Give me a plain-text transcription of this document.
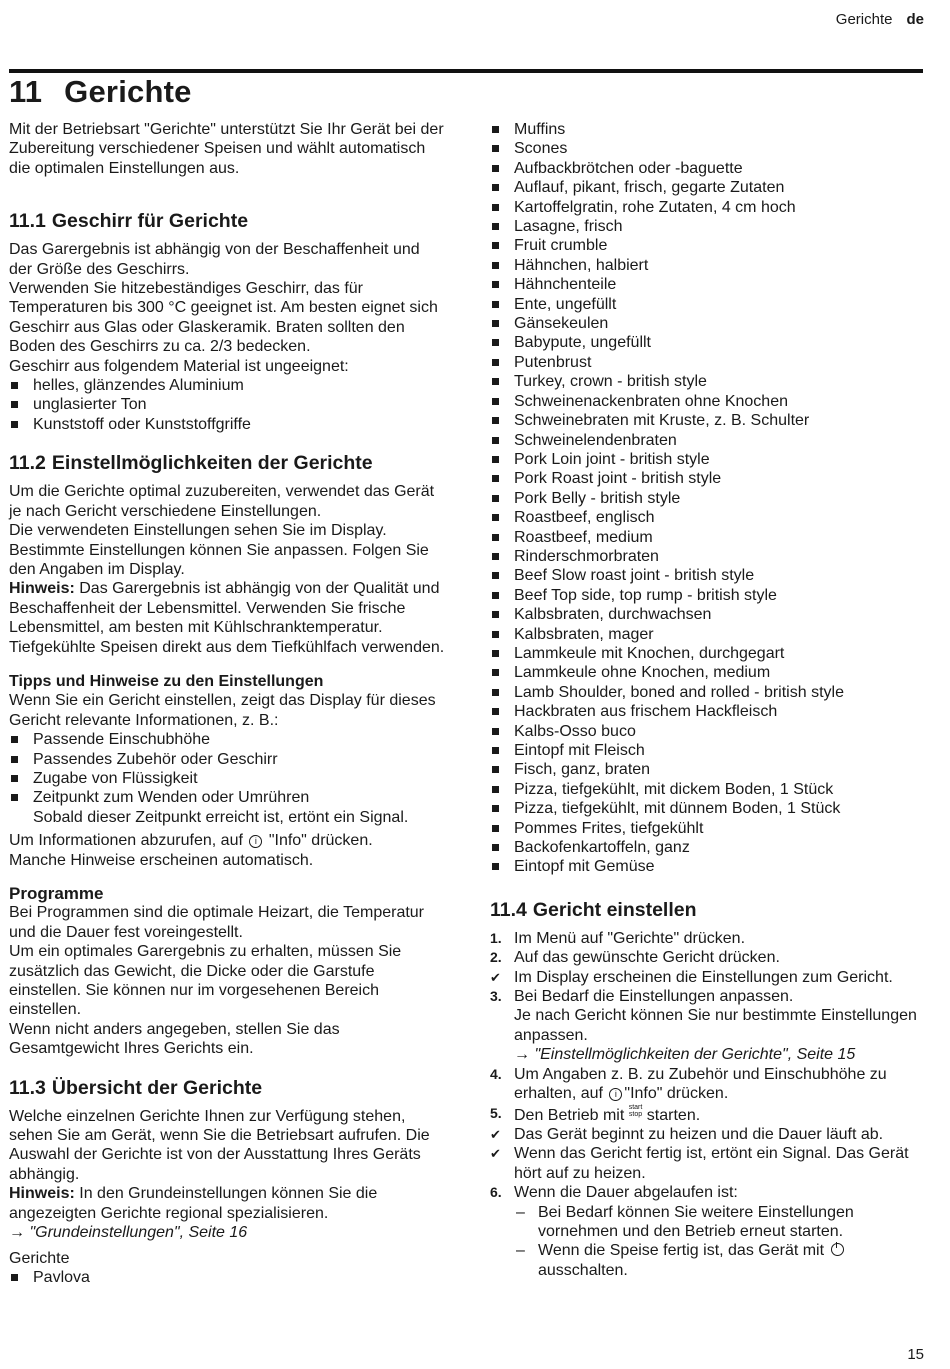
Gerichte de
11 Gerichte

Mit der Betriebsart "Gerichte" unterstützt Sie Ihr Gerät bei der Zubereitung verschiedener Speisen und wählt automatisch die optimalen Einstellungen aus.

11.1 Geschirr für Gerichte

Das Garergebnis ist abhängig von der Beschaffenheit und der Größe des Geschirrs.

Verwenden Sie hitzebeständiges Geschirr, das für Temperaturen bis 300 °C geeignet ist. Am besten eignet sich Geschirr aus Glas oder Glaskeramik. Braten sollten den Boden des Geschirrs zu ca. 2/3 bedecken.

Geschirr aus folgendem Material ist ungeeignet:

helles, glänzendes Aluminium
unglasierter Ton
Kunststoff oder Kunststoffgriffe
11.2 Einstellmöglichkeiten der Gerichte

Um die Gerichte optimal zuzubereiten, verwendet das Gerät je nach Gericht verschiedene Einstellungen.

Die verwendeten Einstellungen sehen Sie im Display. Bestimmte Einstellungen können Sie anpassen. Folgen Sie den Angaben im Display.

Hinweis: Das Garergebnis ist abhängig von der Qualität und Beschaffenheit der Lebensmittel. Verwenden Sie frische Lebensmittel, am besten mit Kühlschranktemperatur. Tiefgekühlte Speisen direkt aus dem Tiefkühlfach verwenden.

Tipps und Hinweise zu den Einstellungen

Wenn Sie ein Gericht einstellen, zeigt das Display für dieses Gericht relevante Informationen, z. B.:

Passende Einschubhöhe
Passendes Zubehör oder Geschirr
Zugabe von Flüssigkeit
Zeitpunkt zum Wenden oder Umrühren
Sobald dieser Zeitpunkt erreicht ist, ertönt ein Signal.

Um Informationen abzurufen, auf i "Info" drücken.

Manche Hinweise erscheinen automatisch.

Programme

Bei Programmen sind die optimale Heizart, die Temperatur und die Dauer fest voreingestellt.

Um ein optimales Garergebnis zu erhalten, müssen Sie zusätzlich das Gewicht, die Dicke oder die Garstufe einstellen. Sie können nur im vorgesehenen Bereich einstellen.

Wenn nicht anders angegeben, stellen Sie das Gesamtgewicht Ihres Gerichts ein.

11.3 Übersicht der Gerichte

Welche einzelnen Gerichte Ihnen zur Verfügung stehen, sehen Sie am Gerät, wenn Sie die Betriebsart aufrufen. Die Auswahl der Gerichte ist von der Ausstattung Ihres Geräts abhängig.

Hinweis: In den Grundeinstellungen können Sie die angezeigten Gerichte regional spezialisieren.

→ "Grundeinstellungen", Seite 16

Gerichte

Pavlova
Muffins
Scones
Aufbackbrötchen oder -baguette
Auflauf, pikant, frisch, gegarte Zutaten
Kartoffelgratin, rohe Zutaten, 4 cm hoch
Lasagne, frisch
Fruit crumble
Hähnchen, halbiert
Hähnchenteile
Ente, ungefüllt
Gänsekeulen
Babypute, ungefüllt
Putenbrust
Turkey, crown - british style
Schweinenackenbraten ohne Knochen
Schweinebraten mit Kruste, z. B. Schulter
Schweinelendenbraten
Pork Loin joint - british style
Pork Roast joint - british style
Pork Belly - british style
Roastbeef, englisch
Roastbeef, medium
Rinderschmorbraten
Beef Slow roast joint - british style
Beef Top side, top rump - british style
Kalbsbraten, durchwachsen
Kalbsbraten, mager
Lammkeule mit Knochen, durchgegart
Lammkeule ohne Knochen, medium
Lamb Shoulder, boned and rolled - british style
Hackbraten aus frischem Hackfleisch
Kalbs-Osso buco
Eintopf mit Fleisch
Fisch, ganz, braten
Pizza, tiefgekühlt, mit dickem Boden, 1 Stück
Pizza, tiefgekühlt, mit dünnem Boden, 1 Stück
Pommes Frites, tiefgekühlt
Backofenkartoffeln, ganz
Eintopf mit Gemüse
11.4 Gericht einstellen
1. Im Menü auf "Gerichte" drücken.
2. Auf das gewünschte Gericht drücken.
✔ Im Display erscheinen die Einstellungen zum Gericht.
3. Bei Bedarf die Einstellungen anpassen.
Je nach Gericht können Sie nur bestimmte Einstellungen anpassen.
→ "Einstellmöglichkeiten der Gerichte", Seite 15
4. Um Angaben z. B. zu Zubehör und Einschubhöhe zu erhalten, auf i "Info" drücken.
5. Den Betrieb mit start
stop starten.
✔ Das Gerät beginnt zu heizen und die Dauer läuft ab.
✔ Wenn das Gericht fertig ist, ertönt ein Signal. Das Gerät hört auf zu heizen.
6. Wenn die Dauer abgelaufen ist:
– Bei Bedarf können Sie weitere Einstellungen vornehmen und den Betrieb erneut starten.
– Wenn die Speise fertig ist, das Gerät mit  ausschalten.
15
